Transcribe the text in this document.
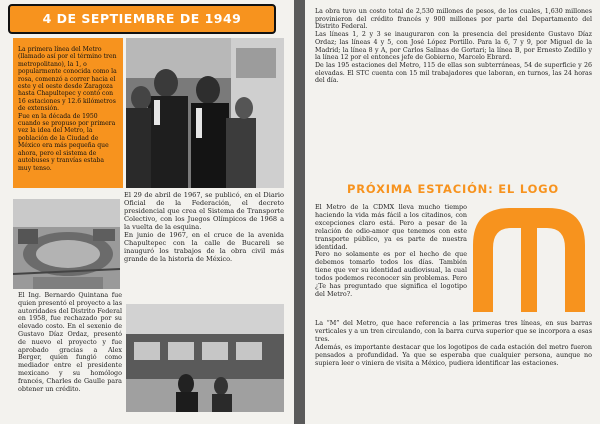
4 DE SEPTIEMBRE DE 1949

La primera línea del Metro (llamado así por el término tren metropolitano), la 1, o popularmente conocida como la rosa, comenzó a correr hacia el este y el oeste desde Zaragoza hasta Chapultepec y contó con 16 estaciones y 12.6 kilómetros de extensión.

Fue en la década de 1950 cuando se propuso por primera vez la idea del Metro, la población de la Ciudad de México era más pequeña que ahora, pero el sistema de autobuses y tranvías estaba muy tenso.

El 29 de abril de 1967, se publicó, en el Diario Oficial de la Federación, el decreto presidencial que crea el Sistema de Transporte Colectivo, con los Juegos Olímpicos de 1968 a la vuelta de la esquina.

En junio de 1967, en el cruce de la avenida Chapultepec con la calle de Bucareli se inauguró los trabajos de la obra civil más grande de la historia de México.

El Ing. Bernardo Quintana fue quien presentó el proyecto a las autoridades del Distrito Federal en 1958, fue rechazado por su elevado costo. En el sexenio de Gustavo Díaz Ordaz, presentó de nuevo el proyecto y fue aprobado gracias a Alex Berger, quien fungió como mediador entre el presidente mexicano y su homólogo francés, Charles de Gaulle para obtener un crédito.

La obra tuvo un costo total de 2,530 millones de pesos, de los cuales, 1,630 millones provinieron del crédito francés y 900 millones por parte del Departamento del Distrito Federal.

Las líneas 1, 2 y 3 se inauguraron con la presencia del presidente Gustavo Díaz Ordaz; las líneas 4 y 5, con José López Portillo. Para la 6, 7 y 9, por Miguel de la Madrid; la línea 8 y A, por Carlos Salinas de Gortari; la línea B, por Ernesto Zedillo y la línea 12 por el entonces jefe de Gobierno, Marcelo Ebrard.

De las 195 estaciones del Metro, 115 de ellas son subterráneas, 54 de superficie y 26 elevadas. El STC cuenta con 15 mil trabajadores que laboran, en turnos, las 24 horas del día.

PRÓXIMA ESTACIÓN: EL LOGO

El Metro de la CDMX lleva mucho tiempo haciendo la vida más fácil a los citadinos, con excepciones claro está. Pero a pesar de la relación de odio-amor que tenemos con este transporte público, ya es parte de nuestra identidad.

Pero no solamente es por el hecho de que debemos tomarlo todos los días. También tiene que ver su identidad audiovisual, la cual todos podemos reconocer sin problemas. Pero ¿Te has preguntado que significa el logotipo del Metro?.

La “M” del Metro, que hace referencia a las primeras tres líneas, en sus barras verticales y a un tren circulando, con la barra curva superior que se incorpora a esas tres.

Además, es importante destacar que los logotipos de cada estación del metro fueron pensados a profundidad. Ya que se esperaba que cualquier persona, aunque no supiera leer o viniera de visita a México, pudiera identificar las estaciones.
